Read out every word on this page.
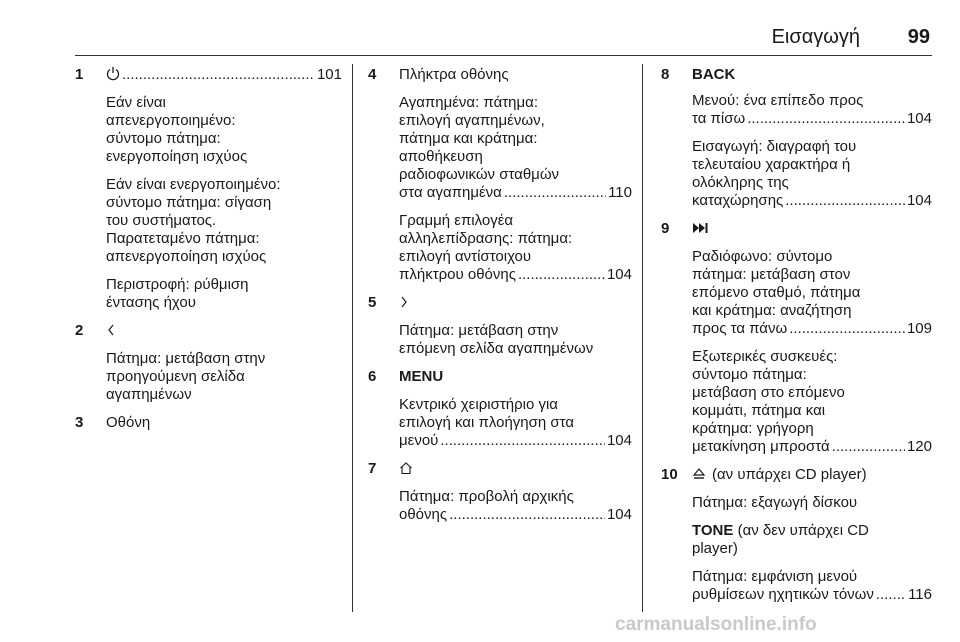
Εισαγωγή	99
1 .....	101
Εάν είναι
απενεργοποιημένο:
σύντομο πάτημα:
ενεργοποίηση ισχύος
Εάν είναι ενεργοποιημένο:
σύντομο πάτημα: σίγαση
του συστήματος.
Παρατεταμένο πάτημα:
απενεργοποίηση ισχύος
Περιστροφή: ρύθμιση
έντασης ήχου
2
Πάτημα: μετάβαση στην
προηγούμενη σελίδα
αγαπημένων
3 Οθόνη
4 Πλήκτρα οθόνης
Αγαπημένα: πάτημα:
επιλογή αγαπημένων,
πάτημα και κράτημα:
αποθήκευση
ραδιοφωνικών σταθμών
στα αγαπημένα .....	110
Γραμμή επιλογέα
αλληλεπίδρασης: πάτημα:
επιλογή αντίστοιχου
πλήκτρου οθόνης .....	104
5
Πάτημα: μετάβαση στην
επόμενη σελίδα αγαπημένων
6 MENU
Κεντρικό χειριστήριο για
επιλογή και πλοήγηση στα
μενού .....	104
7
Πάτημα: προβολή αρχικής
οθόνης .....	104
8 BACK
Μενού: ένα επίπεδο προς
τα πίσω .....	104
Εισαγωγή: διαγραφή του
τελευταίου χαρακτήρα ή
ολόκληρης της
καταχώρησης .....	104
9
Ραδιόφωνο: σύντομο
πάτημα: μετάβαση στον
επόμενο σταθμό, πάτημα
και κράτημα: αναζήτηση
προς τα πάνω .....	109
Εξωτερικές συσκευές:
σύντομο πάτημα:
μετάβαση στο επόμενο
κομμάτι, πάτημα και
κράτημα: γρήγορη
μετακίνηση μπροστά .....	120
10 (αν υπάρχει CD player)
Πάτημα: εξαγωγή δίσκου
TONE (αν δεν υπάρχει CD
player)
Πάτημα: εμφάνιση μενού
ρυθμίσεων ηχητικών τόνων ..... 116
carmanualsonline.info
